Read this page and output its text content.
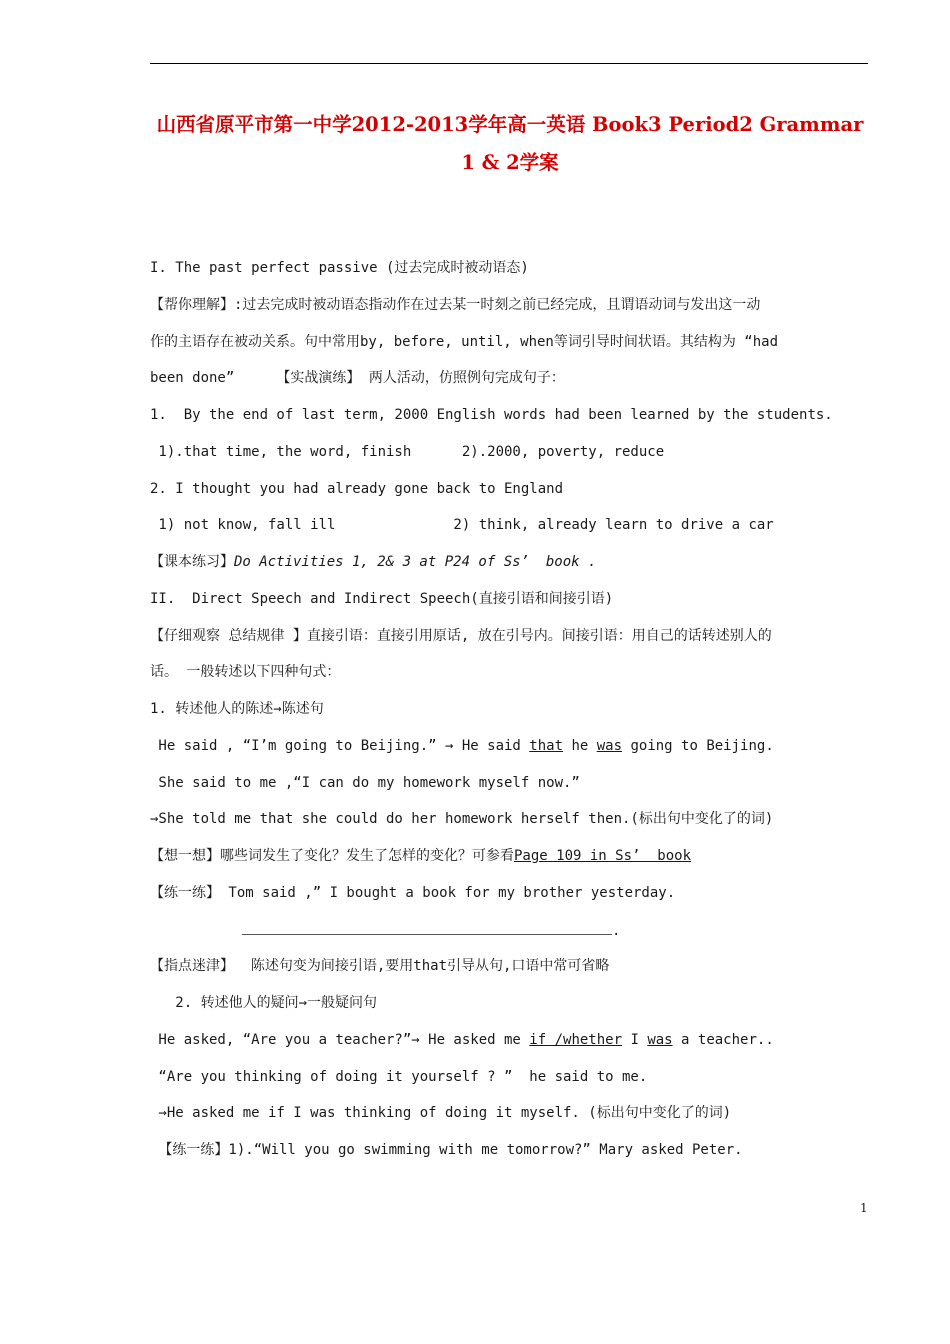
山西省原平市第一中学2012-2013学年高一英语 Book3 Period2 Grammar
1 & 2学案
I. The past perfect passive (过去完成时被动语态)
【帮你理解】:过去完成时被动语态指动作在过去某一时刻之前已经完成，且谓语动词与发出这一动
作的主语存在被动关系。句中常用by, before, until, when等词引导时间状语。其结构为 “had
been done”     【实战演练】 两人活动，仿照例句完成句子：
1.  By the end of last term, 2000 English words had been learned by the students.
1).that time, the word, finish      2).2000, poverty, reduce
2. I thought you had already gone back to England
1) not know, fall ill              2) think, already learn to drive a car
【课本练习】Do Activities 1, 2& 3 at P24 of Ss’  book .
II.  Direct Speech and Indirect Speech(直接引语和间接引语)
【仔细观察 总结规律 】直接引语：直接引用原话, 放在引号内。间接引语：用自己的话转述别人的
话。 一般转述以下四种句式：
1. 转述他人的陈述→陈述句
He said , “I’m going to Beijing.” → He said that he was going to Beijing.
She said to me ,“I can do my homework myself now.”
→She told me that she could do her homework herself then.(标出句中变化了的词)
【想一想】哪些词发生了变化？发生了怎样的变化？可参看Page 109 in Ss’  book
【练一练】 Tom said ,” I bought a book for my brother yesterday.
.
【指点迷津】  陈述句变为间接引语,要用that引导从句,口语中常可省略
2. 转述他人的疑问→一般疑问句
He asked, “Are you a teacher?”→ He asked me if /whether I was a teacher..
“Are you thinking of doing it yourself ? ”  he said to me.
→He asked me if I was thinking of doing it myself. (标出句中变化了的词)
【练一练】1).“Will you go swimming with me tomorrow?” Mary asked Peter.
1
